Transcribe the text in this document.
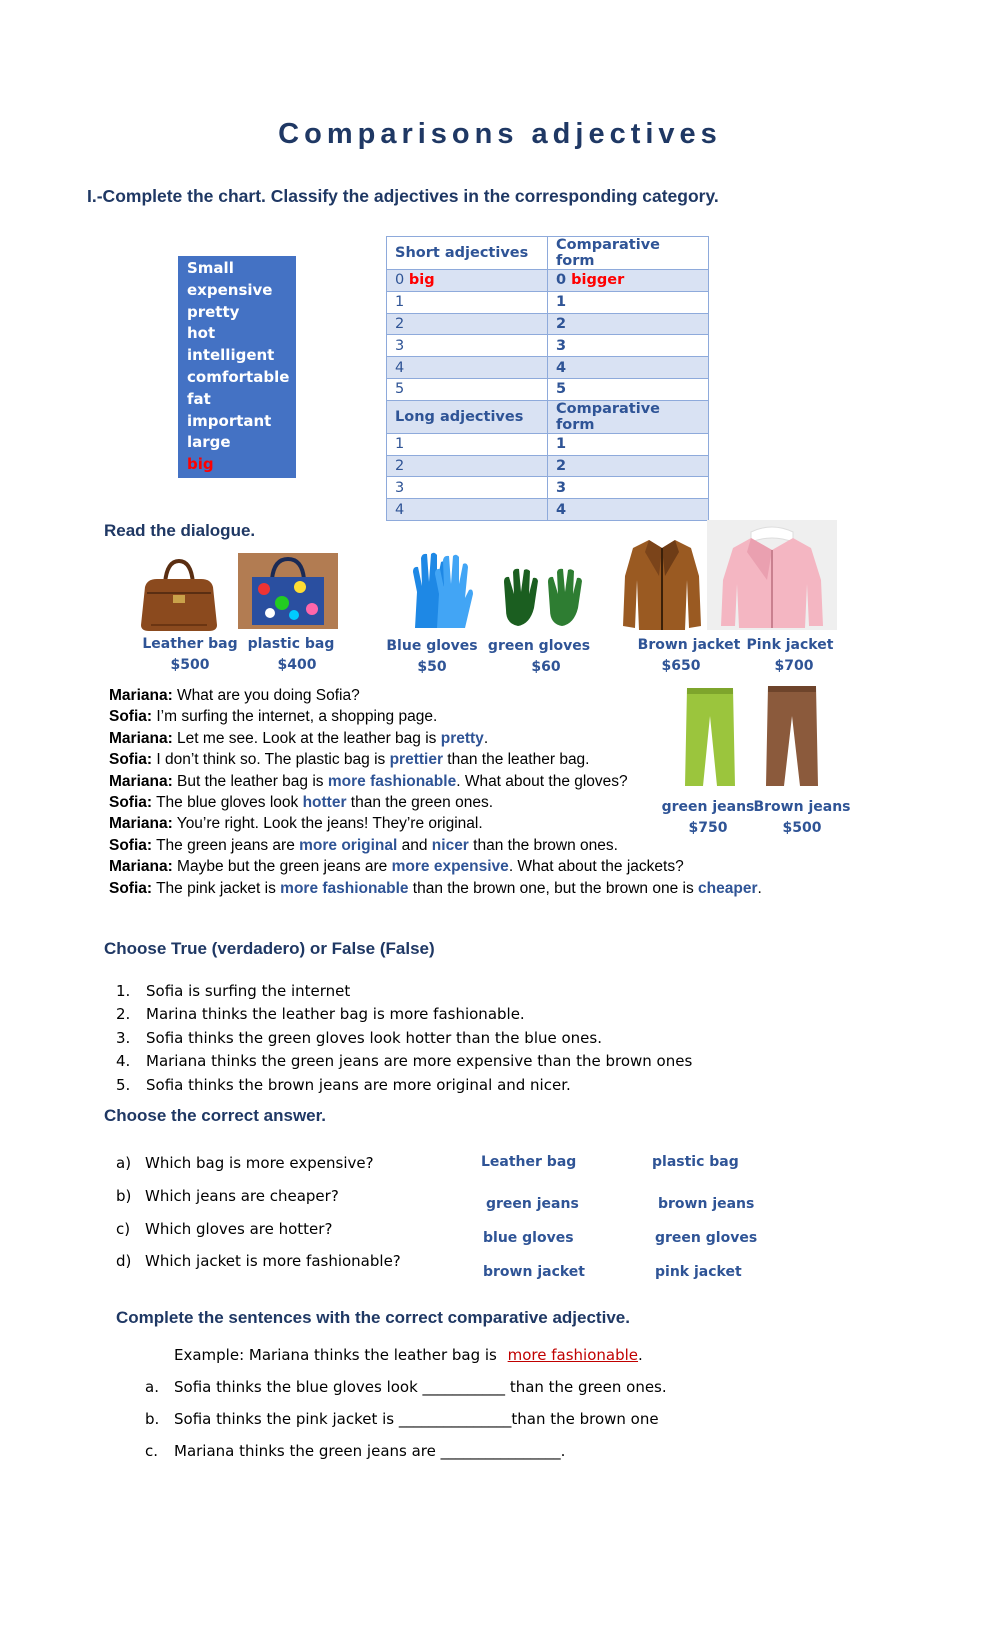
Comparisons adjectives
I.-Complete the chart. Classify the adjectives in the corresponding category.
Small
expensive
pretty
hot
intelligent
comfortable
fat
important
large
big
Short adjectives	Comparative form
0 big	0 bigger
1	1
2	2
3	3
4	4
5	5
Long adjectives	Comparative form
1	1
2	2
3	3
4	4
Read the dialogue.
Leather bag
$500
plastic bag
$400
Blue gloves
$50
green gloves
$60
Brown jacket
$650
Pink jacket
$700
green jeans
$750
Brown jeans
$500
Mariana: What are you doing Sofia?
Sofia: I’m surfing the internet, a shopping page.
Mariana: Let me see. Look at the leather bag is pretty.
Sofia: I don’t think so. The plastic bag is prettier than the leather bag.
Mariana: But the leather bag is more fashionable. What about the gloves?
Sofia: The blue gloves look hotter than the green ones.
Mariana: You’re right. Look the jeans! They’re original.
Sofia: The green jeans are more original and nicer than the brown ones.
Mariana: Maybe but the green jeans are more expensive. What about the jackets?
Sofia: The pink jacket is more fashionable than the brown one, but the brown one is cheaper.
Choose True (verdadero) or False (False)
1. Sofia is surfing the internet
2. Marina thinks the leather bag is more fashionable.
3. Sofia thinks the green gloves look hotter than the blue ones.
4. Mariana thinks the green jeans are more expensive than the brown ones
5. Sofia thinks the brown jeans are more original and nicer.
Choose the correct answer.
a) Which bag is more expensive?
b) Which jeans are cheaper?
c) Which gloves are hotter?
d) Which jacket is more fashionable?
Leather bag	plastic bag
green jeans	brown jeans
blue gloves	green gloves
brown jacket	pink jacket
Complete the sentences with the correct comparative adjective.
Example: Mariana thinks the leather bag is more fashionable.
a. Sofia thinks the blue gloves look ___________ than the green ones.
b. Sofia thinks the pink jacket is _______________than the brown one
c. Mariana thinks the green jeans are ________________.
